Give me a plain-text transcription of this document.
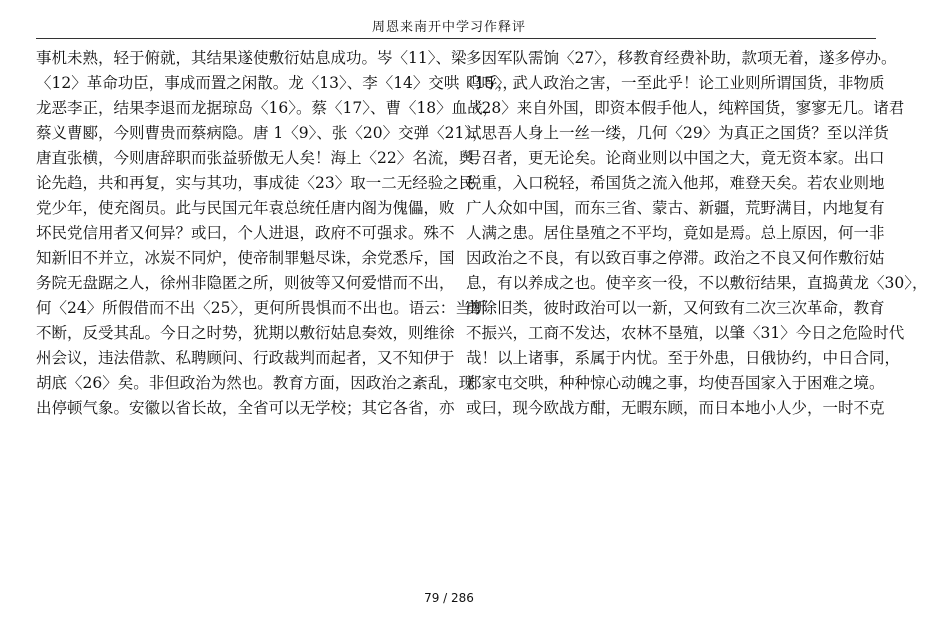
周恩来南开中学习作释评
事机未熟，轻于俯就，其结果遂使敷衍姑息成功。岑〈11〉、梁
〈12〉革命功臣，事成而置之闲散。龙〈13〉、李〈14〉交哄〈15〉，
龙恶李正，结果李退而龙据琼岛〈16〉。蔡〈17〉、曹〈18〉血战，
蔡义曹郾，今则曹贵而蔡病隐。唐 1〈9〉、张〈20〉交弹〈21〉，
唐直张横，今则唐辞职而张益骄傲无人矣！海上〈22〉名流，舆
论先趋，共和再复，实与其功，事成徒〈23〉取一二无经验之民
党少年，使充阁员。此与民国元年袁总统任唐内阁为傀儡，败
坏民党信用者又何异？或曰，个人进退，政府不可强求。殊不
知新旧不并立，冰炭不同炉，使帝制罪魁尽诛，余党悉斥，国
务院无盘踞之人，徐州非隐匿之所，则彼等又何爱惜而不出，
何〈24〉所假借而不出〈25〉，更何所畏惧而不出也。语云：当断
不断，反受其乱。今日之时势，犹期以敷衍姑息奏效，则维徐
州会议，违法借款、私聘顾问、行政裁判而起者，又不知伊于
胡底〈26〉矣。非但政治为然也。教育方面，因政治之紊乱，现
出停顿气象。安徽以省长故，全省可以无学校；其它各省，亦
多因军队需饷〈27〉，移教育经费补助，款项无着，遂多停办。
呜呼，武人政治之害，一至此乎！论工业则所谓国货，非物质
〈28〉来自外国，即资本假手他人，纯粹国货，寥寥无几。诸君
试思吾人身上一丝一缕，几何〈29〉为真正之国货？至以洋货
号召者，更无论矣。论商业则以中国之大，竟无资本家。出口
税重，入口税轻，希国货之流入他邦，难登天矣。若农业则地
广人众如中国，而东三省、蒙古、新疆，荒野满目，内地复有
人满之患。居住垦殖之不平均，竟如是焉。总上原因，何一非
因政治之不良，有以致百事之停滞。政治之不良又何作敷衍姑
息，有以养成之也。使辛亥一役，不以敷衍结果，直捣黄龙〈30〉，
剪除旧类，彼时政治可以一新，又何致有二次三次革命，教育
不振兴，工商不发达，农林不垦殖，以肇〈31〉今日之危险时代
哉！以上诸事，系属于内忧。至于外患，日俄协约，中日合同，
郑家屯交哄，种种惊心动魄之事，均使吾国家入于困难之境。
或曰，现今欧战方酣，无暇东顾，而日本地小人少，一时不克
79 / 286
